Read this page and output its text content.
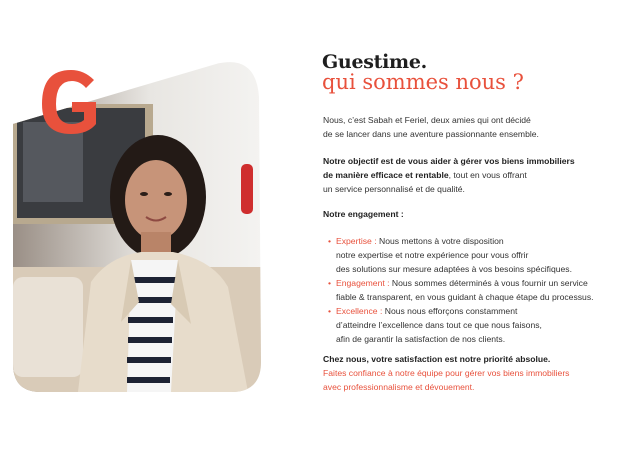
Guestime.
qui sommes nous ?
Nous, c’est Sabah et Feriel, deux amies qui ont décidé
de se lancer dans une aventure passionnante ensemble.
Notre objectif est de vous aider à gérer vos biens immobiliers
de manière efficace et rentable, tout en vous offrant
un service personnalisé et de qualité.
Notre engagement :
• Expertise : Nous mettons à votre disposition
notre expertise et notre expérience pour vous offrir
des solutions sur mesure adaptées à vos besoins spécifiques.
• Engagement : Nous sommes déterminés à vous fournir un service
fiable & transparent, en vous guidant à chaque étape du processus.
• Excellence : Nous nous efforçons constamment
d’atteindre l’excellence dans tout ce que nous faisons,
afin de garantir la satisfaction de nos clients.
Chez nous, votre satisfaction est notre priorité absolue.
Faites confiance à notre équipe pour gérer vos biens immobiliers
avec professionnalisme et dévouement.
